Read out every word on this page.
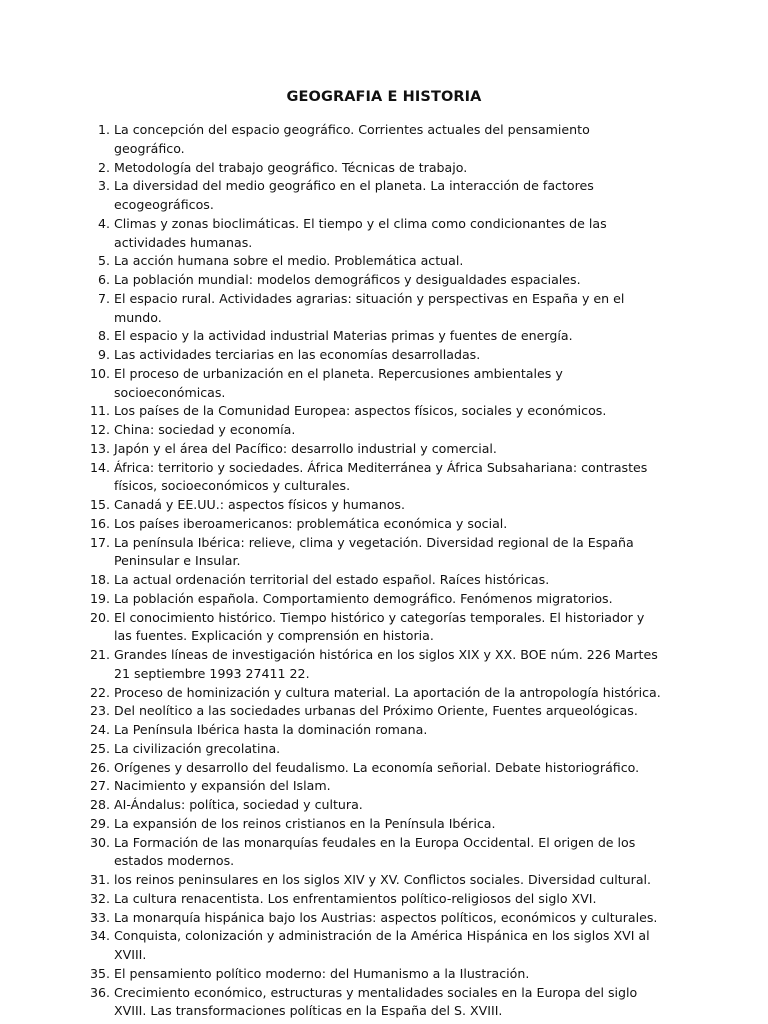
GEOGRAFIA E HISTORIA
1. La concepción del espacio geográfico. Corrientes actuales del pensamiento geográfico.
2. Metodología del trabajo geográfico. Técnicas de trabajo.
3. La diversidad del medio geográfico en el planeta. La interacción de factores ecogeográficos.
4. Climas y zonas bioclimáticas. El tiempo y el clima como condicionantes de las actividades humanas.
5. La acción humana sobre el medio. Problemática actual.
6. La población mundial: modelos demográficos y desigualdades espaciales.
7. El espacio rural. Actividades agrarias: situación y perspectivas en España y en el mundo.
8. El espacio y la actividad industrial Materias primas y fuentes de energía.
9. Las actividades terciarias en las economías desarrolladas.
10. El proceso de urbanización en el planeta. Repercusiones ambientales y socioeconómicas.
11. Los países de la Comunidad Europea: aspectos físicos, sociales y económicos.
12. China: sociedad y economía.
13. Japón y el área del Pacífico: desarrollo industrial y comercial.
14. África: territorio y sociedades. África Mediterránea y África Subsahariana: contrastes físicos, socioeconómicos y culturales.
15. Canadá y EE.UU.: aspectos físicos y humanos.
16. Los países iberoamericanos: problemática económica y social.
17. La península Ibérica: relieve, clima y vegetación. Diversidad regional de la España Peninsular e Insular.
18. La actual ordenación territorial del estado español. Raíces históricas.
19. La población española. Comportamiento demográfico. Fenómenos migratorios.
20. El conocimiento histórico. Tiempo histórico y categorías temporales. El historiador y las fuentes. Explicación y comprensión en historia.
21. Grandes líneas de investigación histórica en los siglos XIX y XX. BOE núm. 226 Martes 21 septiembre 1993 27411 22.
22. Proceso de hominización y cultura material. La aportación de la antropología histórica.
23. Del neolítico a las sociedades urbanas del Próximo Oriente, Fuentes arqueológicas.
24. La Península Ibérica hasta la dominación romana.
25. La civilización grecolatina.
26. Orígenes y desarrollo del feudalismo. La economía señorial. Debate historiográfico.
27. Nacimiento y expansión del Islam.
28. AI-Ándalus: política, sociedad y cultura.
29. La expansión de los reinos cristianos en la Península Ibérica.
30. La Formación de las monarquías feudales en la Europa Occidental. El origen de los estados modernos.
31. los reinos peninsulares en los siglos XIV y XV. Conflictos sociales. Diversidad cultural.
32. La cultura renacentista. Los enfrentamientos político-religiosos del siglo XVI.
33. La monarquía hispánica bajo los Austrias: aspectos políticos, económicos y culturales.
34. Conquista, colonización y administración de la América Hispánica en los siglos XVI al XVIII.
35. El pensamiento político moderno: del Humanismo a la Ilustración.
36. Crecimiento económico, estructuras y mentalidades sociales en la Europa del siglo XVIII. Las transformaciones políticas en la España del S. XVIII.
